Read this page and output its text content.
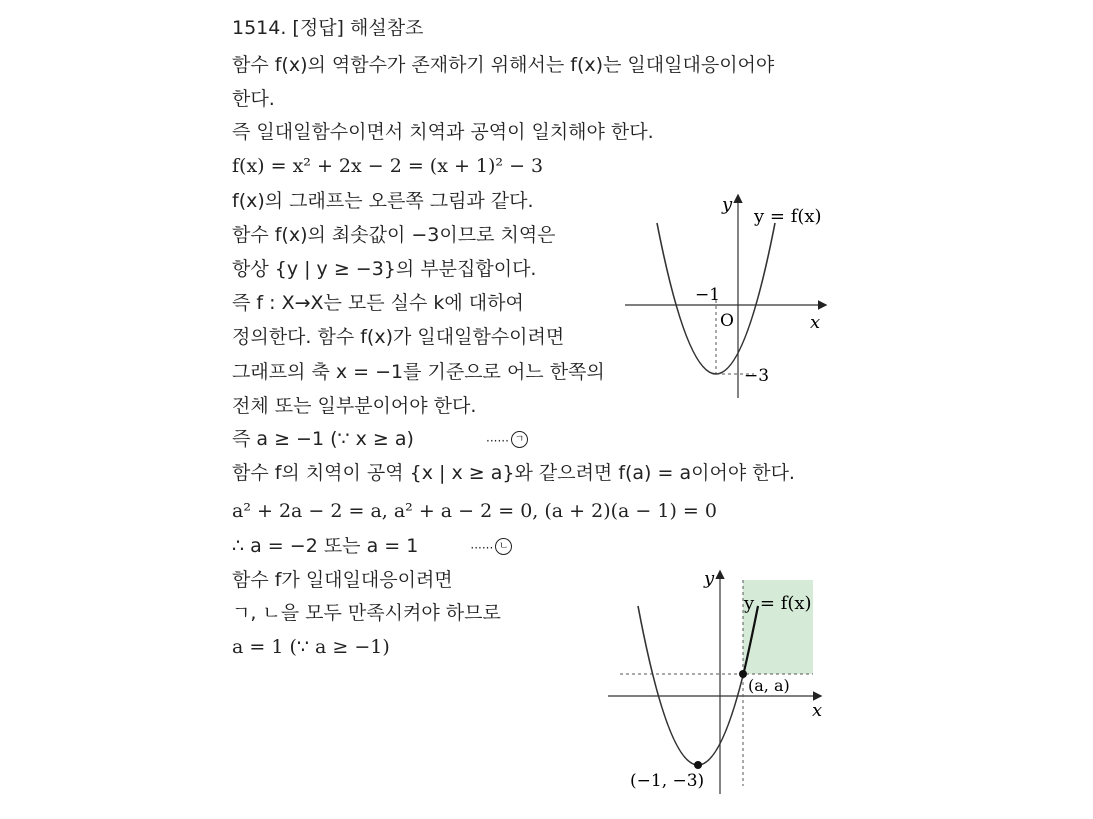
1514. [정답] 해설참조
함수 f(x)의 역함수가 존재하기 위해서는 f(x)는 일대일대응이어야
한다.
즉 일대일함수이면서 치역과 공역이 일치해야 한다.
f(x) = x² + 2x − 2 = (x + 1)² − 3
f(x)의 그래프는 오른쪽 그림과 같다.
함수 f(x)의 최솟값이 −3이므로 치역은
항상 {y | y ≥ −3}의 부분집합이다.
즉 f : X→X는 모든 실수 k에 대하여
정의한다. 함수 f(x)가 일대일함수이려면
그래프의 축 x = −1를 기준으로 어느 한쪽의
전체 또는 일부분이어야 한다.
즉 a ≥ −1 (∵ x ≥ a)	······ ㄱ
함수 f의 치역이 공역 {x | x ≥ a}와 같으려면 f(a) = a이어야 한다.
a² + 2a − 2 = a, a² + a − 2 = 0, (a + 2)(a − 1) = 0
∴ a = −2 또는 a = 1	······ ㄴ
함수 f가 일대일대응이려면
ㄱ, ㄴ을 모두 만족시켜야 하므로
a = 1 (∵ a ≥ −1)
y
x
y = f(x)
O
−1
−3
y
x
y = f(x)
(a, a)
(−1, −3)
